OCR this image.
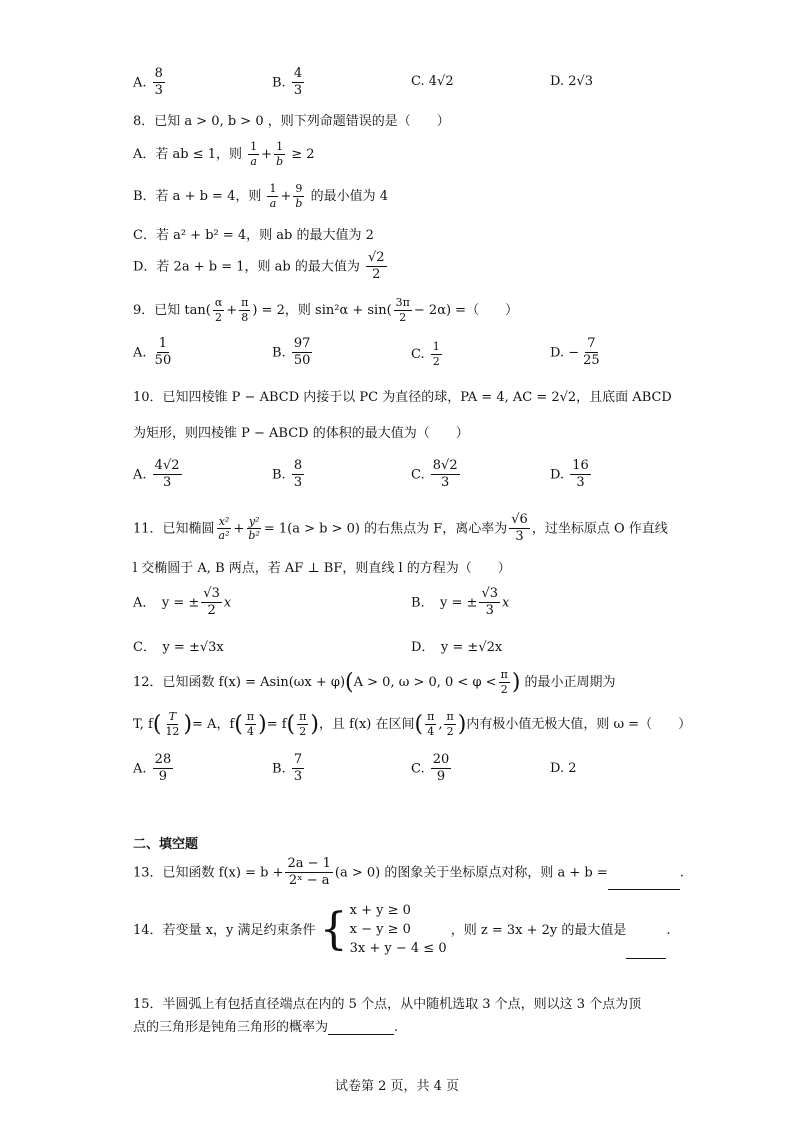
A. $\frac{8}{3}$	B. $\frac{4}{3}$	C. 4√2	D. 2√3
8．已知 a > 0, b > 0 ，则下列命题错误的是（　　）
A．若 ab ≤ 1，则 $\frac{1}{a} + \frac{1}{b} \ge 2$
B．若 a + b = 4，则 $\frac{1}{a} + \frac{9}{b}$ 的最小值为 4
C．若 a² + b² = 4，则 ab 的最大值为 2
D．若 2a + b = 1，则 ab 的最大值为 $\frac{√2}{2}$
9．已知 $\tan( \frac{\alpha}{2} + \frac{\pi}{8}$ ) = 2，则 $\sin^2\alpha + \sin( \frac{3\pi}{2} - 2\alpha)$ =（　　）
A. $\frac{1}{50}$	B. $\frac{97}{50}$	C. $\frac{1}{2}$	D. − $\frac{7}{25}$
10．已知四棱锥 P − ABCD 内接于以 PC 为直径的球，PA = 4, AC = 2√2，且底面 ABCD
为矩形，则四棱锥 P − ABCD 的体积的最大值为（　　）
A. $\frac{4√2}{3}$	B. $\frac{8}{3}$	C. $\frac{8√2}{3}$	D. $\frac{16}{3}$
11．已知椭圆 $\frac{\text{x²}}{\text{a²}} + \frac{\text{y²}}{\text{b²}} = 1(a > b > 0)$ 的右焦点为 F，离心率为 $\frac{√6}{3}$ ，过坐标原点 O 作直线
l 交椭圆于 A, B 两点，若 AF ⊥ BF，则直线 l 的方程为（　　）
A．　y = ± $\frac{√3}{2}$ x	B．　y = ± $\frac{√3}{3}$ x
C．　y = ±√3x	D．　y = ±√2x
12．已知函数 f(x) = Asin(ωx + φ)(A > 0, ω > 0, $0 < \varphi < \frac{\pi}{2}$ ) 的最小正周期为
T, $f( \frac{T}{12}$ )= A，$f( \frac{\pi}{4}$ )= $f( \frac{\pi}{2}$ )，且 f(x) 在区间( $\frac{\pi}{4}$ , $\frac{\pi}{2}$ )内有极小值无极大值，则 ω =（　　）
A. $\frac{28}{9}$	B. $\frac{7}{3}$	C. $\frac{20}{9}$	D. 2
二、填空题
13．已知函数 $f(x) = b + \frac{2a - 1}{\text{2ˣ − a}} (a > 0)$ 的图象关于坐标原点对称，则 a + b =	.
14．若变量 x，y 满足约束条件 { x + y ≥ 0
x − y ≥ 0
3x + y − 4 ≤ 0
，则 z = 3x + 2y 的最大值是	.
15．半圆弧上有包括直径端点在内的 5 个点，从中随机选取 3 个点，则以这 3 个点为顶
点的三角形是钝角三角形的概率为	.
试卷第 2 页，共 4 页
